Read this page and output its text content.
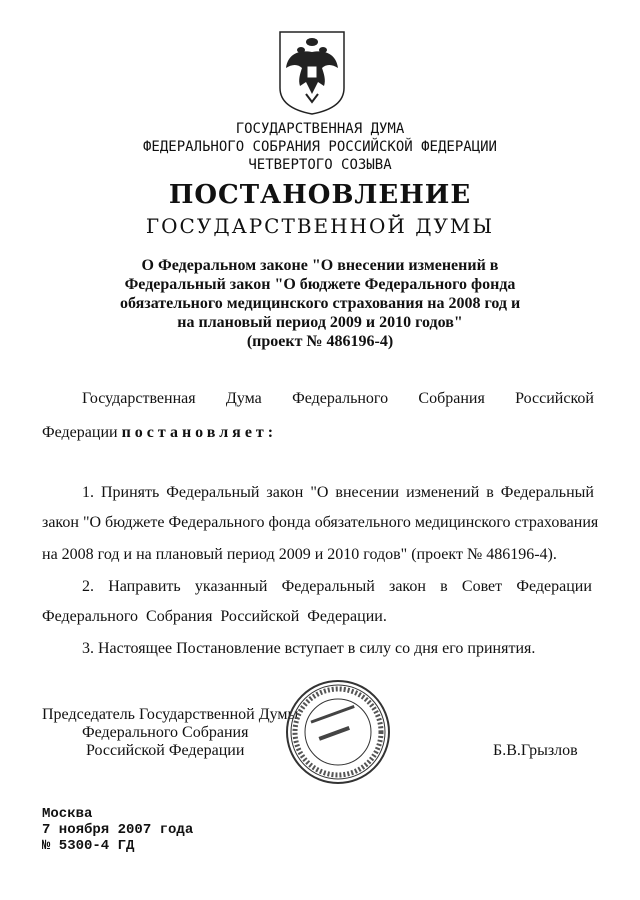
ГОСУДАРСТВЕННАЯ ДУМА
ФЕДЕРАЛЬНОГО СОБРАНИЯ РОССИЙСКОЙ ФЕДЕРАЦИИ
ЧЕТВЕРТОГО СОЗЫВА
ПОСТАНОВЛЕНИЕ
ГОСУДАРСТВЕННОЙ ДУМЫ
О Федеральном законе "О внесении изменений в
Федеральный закон "О бюджете Федерального фонда
обязательного медицинского страхования на 2008 год и
на плановый период 2009 и 2010 годов"
(проект № 486196-4)
Государственная Дума Федерального Собрания Российской
Федерации постановляет:
1. Принять Федеральный закон "О внесении изменений в Федеральный
закон "О бюджете Федерального фонда обязательного медицинского страхования
на 2008 год и на плановый период 2009 и 2010 годов" (проект № 486196-4).
2. Направить указанный Федеральный закон в Совет Федерации
Федерального Собрания Российской Федерации.
3. Настоящее Постановление вступает в силу со дня его принятия.
Председатель Государственной Думы
Федерального Собрания
Российской Федерации	Б.В.Грызлов
Москва
7 ноября 2007 года
№ 5300-4 ГД
